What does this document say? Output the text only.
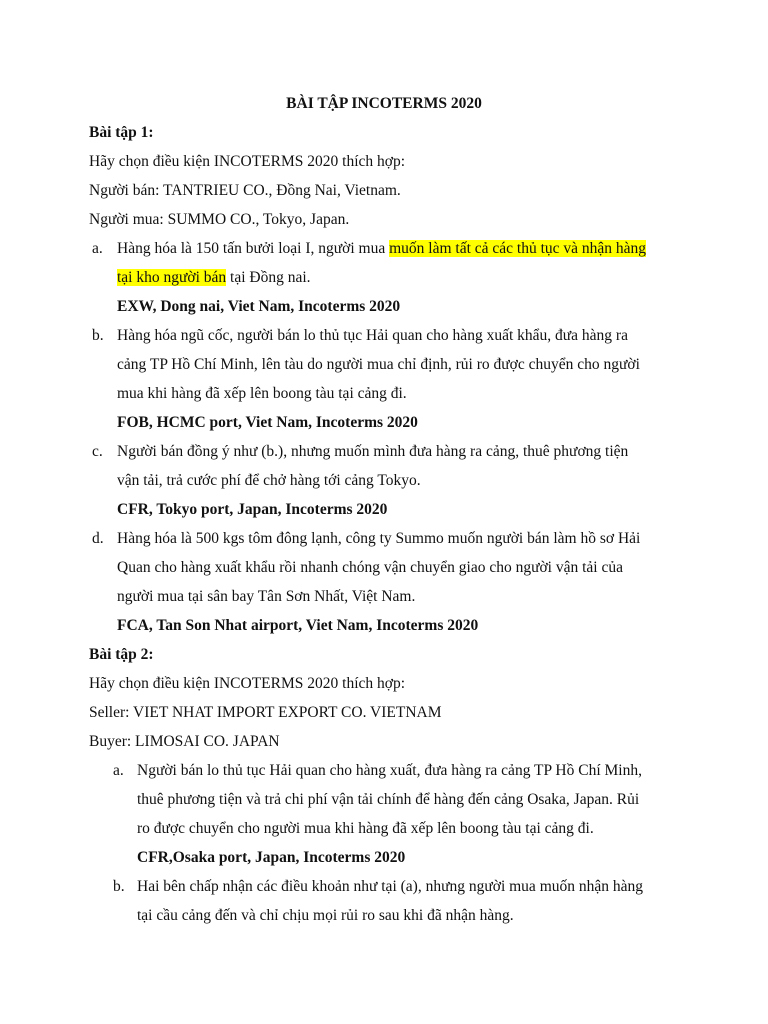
BÀI TẬP INCOTERMS 2020
Bài tập 1:
Hãy chọn điều kiện INCOTERMS 2020 thích hợp:
Người bán: TANTRIEU CO., Đồng Nai, Vietnam.
Người mua: SUMMO CO., Tokyo, Japan.
a. Hàng hóa là 150 tấn bưởi loại I, người mua muốn làm tất cả các thủ tục và nhận hàng
tại kho người bán tại Đồng nai.
EXW, Dong nai, Viet Nam, Incoterms 2020
b. Hàng hóa ngũ cốc, người bán lo thủ tục Hải quan cho hàng xuất khẩu, đưa hàng ra
cảng TP Hồ Chí Minh, lên tàu do người mua chỉ định, rủi ro được chuyển cho người
mua khi hàng đã xếp lên boong tàu tại cảng đi.
FOB, HCMC port, Viet Nam, Incoterms 2020
c. Người bán đồng ý như (b.), nhưng muốn mình đưa hàng ra cảng, thuê phương tiện
vận tải, trả cước phí để chở hàng tới cảng Tokyo.
CFR, Tokyo port, Japan, Incoterms 2020
d. Hàng hóa là 500 kgs tôm đông lạnh, công ty Summo muốn người bán làm hồ sơ Hải
Quan cho hàng xuất khẩu rồi nhanh chóng vận chuyển giao cho người vận tải của
người mua tại sân bay Tân Sơn Nhất, Việt Nam.
FCA, Tan Son Nhat airport, Viet Nam, Incoterms 2020
Bài tập 2:
Hãy chọn điều kiện INCOTERMS 2020 thích hợp:
Seller: VIET NHAT IMPORT EXPORT CO. VIETNAM
Buyer: LIMOSAI CO. JAPAN
a. Người bán lo thủ tục Hải quan cho hàng xuất, đưa hàng ra cảng TP Hồ Chí Minh,
thuê phương tiện và trả chi phí vận tải chính để hàng đến cảng Osaka, Japan. Rủi
ro được chuyển cho người mua khi hàng đã xếp lên boong tàu tại cảng đi.
CFR,Osaka port, Japan, Incoterms 2020
b. Hai bên chấp nhận các điều khoản như tại (a), nhưng người mua muốn nhận hàng
tại cầu cảng đến và chỉ chịu mọi rủi ro sau khi đã nhận hàng.
